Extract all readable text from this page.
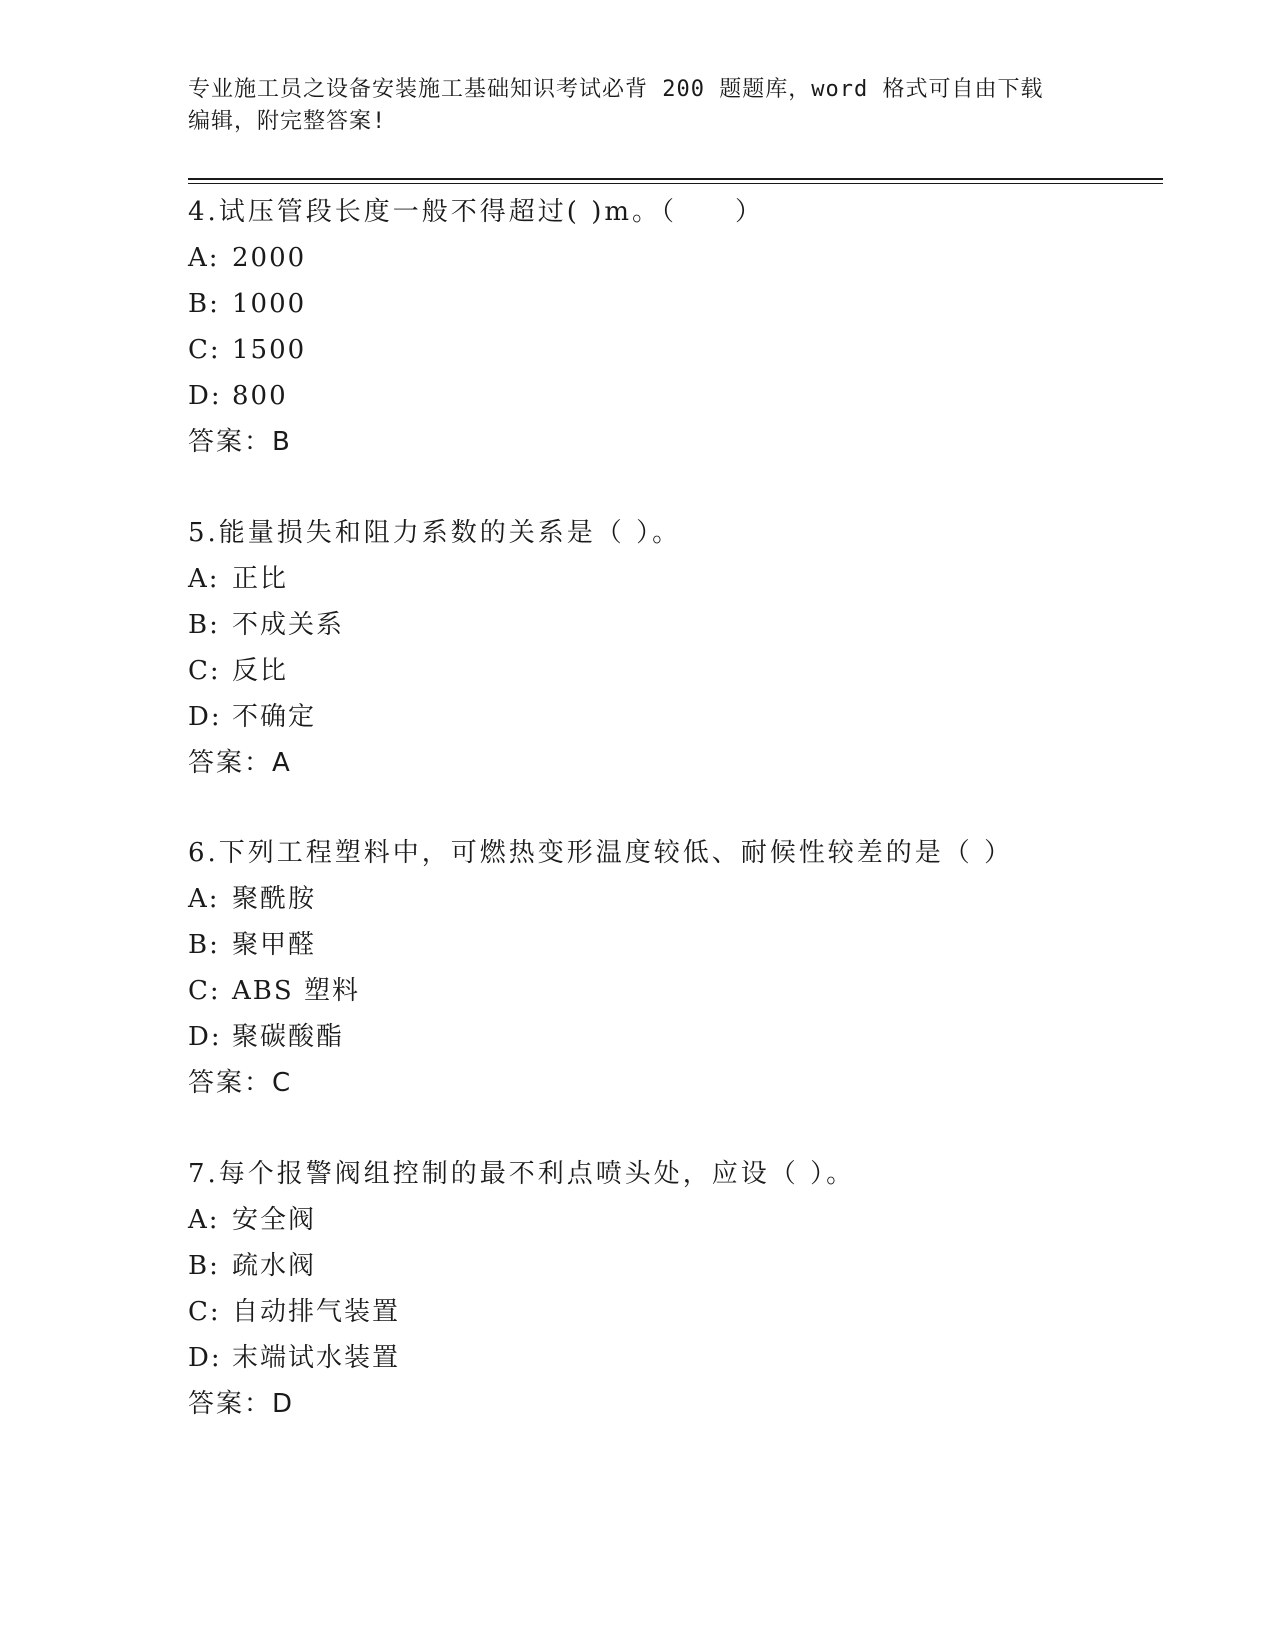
专业施工员之设备安装施工基础知识考试必背 200 题题库，word 格式可自由下载
编辑，附完整答案!
4.试压管段长度一般不得超过( )m。（　　）
A: 2000
B: 1000
C: 1500
D: 800
答案：B
5.能量损失和阻力系数的关系是（ ）。
A: 正比
B: 不成关系
C: 反比
D: 不确定
答案：A
6.下列工程塑料中，可燃热变形温度较低、耐候性较差的是（ ）
A: 聚酰胺
B: 聚甲醛
C: ABS 塑料
D: 聚碳酸酯
答案：C
7.每个报警阀组控制的最不利点喷头处，应设（ ）。
A: 安全阀
B: 疏水阀
C: 自动排气装置
D: 末端试水装置
答案：D
